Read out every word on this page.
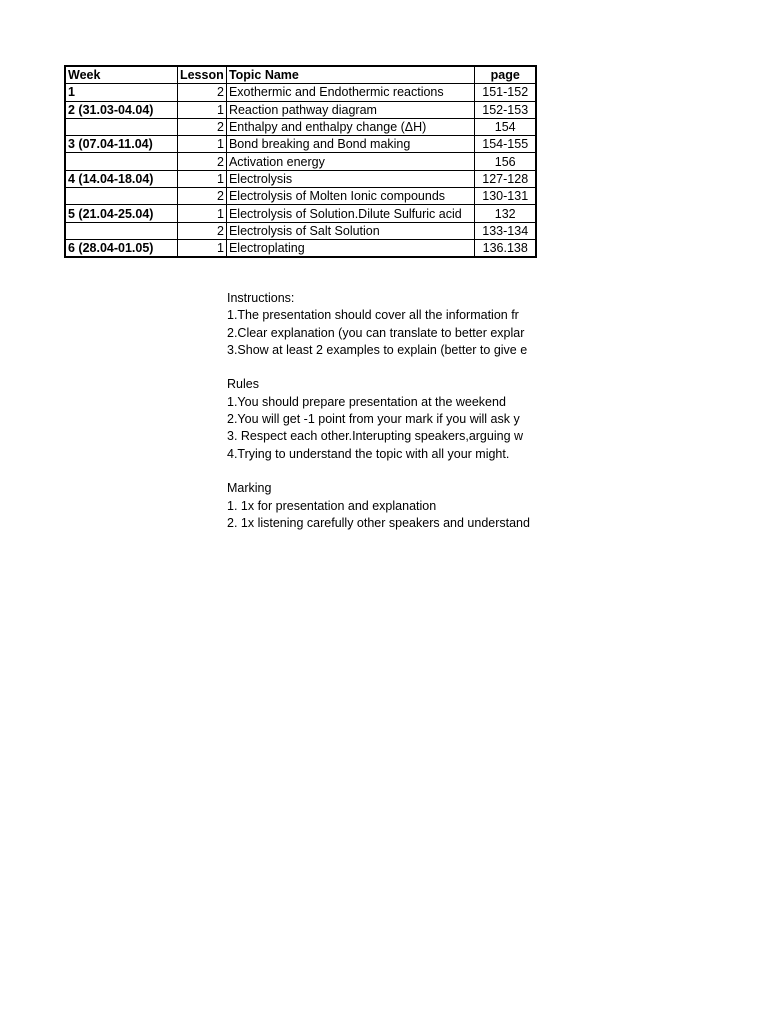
Week	Lesson	Topic Name	page
1	2	Exothermic and Endothermic reactions	151-152
2 (31.03-04.04)	1	Reaction pathway diagram	152-153
	2	Enthalpy and enthalpy change (ΔH)	154
3 (07.04-11.04)	1	Bond breaking and Bond making	154-155
	2	Activation energy	156
4 (14.04-18.04)	1	Electrolysis	127-128
	2	Electrolysis of Molten Ionic compounds	130-131
5 (21.04-25.04)	1	Electrolysis of Solution.Dilute Sulfuric acid	132
	2	Electrolysis of Salt Solution	133-134
6 (28.04-01.05)	1	Electroplating	136.138
Instructions:
1.The presentation should cover all the information fr
2.Clear explanation (you can translate to better explar
3.Show at least 2 examples to explain (better to give e
Rules
1.You should prepare presentation at the weekend
2.You will get -1 point from your mark if you will ask y
3. Respect each other.Interupting speakers,arguing w
4.Trying to understand the topic with all your might.
Marking
1. 1x for presentation and explanation
2. 1x listening carefully other speakers and understand
